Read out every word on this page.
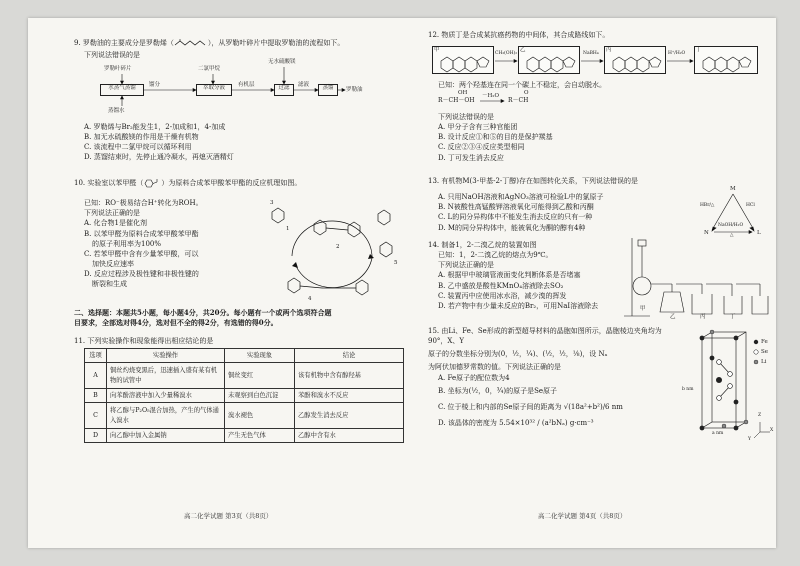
9. 罗勒油的主要成分是罗勒烯（	），从罗勒叶碎片中提取罗勒油的流程如下。
下列说法错误的是
罗勒叶碎片	二氯甲烷
无水硫酸镁
水蒸气蒸馏	馏分	萃取分液	有机层	过滤	滤液	蒸馏	罗勒油
蒸馏水
A. 罗勒烯与Br₂能发生1，2-加成和1，4-加成
B. 加无水硫酸镁的作用是干燥有机物
C. 该流程中二氯甲烷可以循环利用
D. 蒸馏结束时，先停止通冷凝水，再熄灭酒精灯
10. 实验室以苯甲醛（	）为原料合成苯甲酸苯甲酯的反应机理如图。
已知：RO⁻极易结合H⁺转化为ROH。
下列说法正确的是
A. 化合物1是催化剂
B. 以苯甲醛为原料合成苯甲酸苯甲酯
的原子利用率为100%
C. 若苯甲醛中含有少量苯甲酸，可以
加快反应速率
D. 反应过程涉及极性键和非极性键的
断裂和生成
1
2
3
4
5
二、选择题：本题共5小题，每小题4分，共20分。每小题有一个或两个选项符合题
目要求，全部选对得4分，选对但不全的得2分，有选错的得0分。
11. 下列实验操作和现象能得出相应结论的是
选项	实验操作	实验现象	结论
A	铜丝灼烧变黑后，迅速插入盛有某有机物的试管中	铜丝变红	该有机物中含有醇羟基
B	向苯酚溶液中加入少量稀溴水	未观察到白色沉淀	苯酚和溴水不反应
C	将乙醇与P₂O₅混合加热，产生的气体通入溴水	溴水褪色	乙醇发生消去反应
D	向乙醇中加入金属钠	产生无色气体	乙醇中含有水
高二化学试题 第3页（共8页）
12. 物质丁是合成某抗癌药物的中间体，其合成路线如下。
甲	乙	丙	丁
CH₂(OH)₂	NaBH₄	H⁺/H₂O
已知：两个羟基连在同一个碳上不稳定，会自动脱水。
OH
R－CH－OH
－H₂O	O
R－CH
下列说法错误的是
A. 甲分子含有三种官能团
B. 设计反应①和⑤的目的是保护羰基
C. 反应②③④反应类型相同
D. 丁可发生消去反应
13. 有机物M(3-甲基-2-丁醇)存在如图转化关系，下列说法错误的是
A. 只用NaOH溶液和AgNO₃溶液可检验L中的氯原子
B. N被酸性高锰酸钾溶液氧化可能得到乙酸和丙酮
C. L的同分异构体中不能发生消去反应的只有一种
D. M的同分异构体中，能被氧化为酮的醇有4种
M
N	L
HBr/△	HCl
NaOH/H₂O
△
14. 制备1，2-二溴乙烷的装置如图
已知：1，2-二溴乙烷的熔点为9℃。
下列说法正确的是
A. 根据甲中玻璃管液面变化判断体系是否堵塞
B. 乙中盛放是酸性KMnO₄溶液除去SO₂
C. 装置丙中应使用冰水浴，减少溴的挥发
D. 若产物中有少量未反应的Br₂，可用NaI溶液除去	甲
乙	丙	丁
15. 由Li、Fe、Se形成的新型超导材料的晶胞如图所示，晶胞棱边夹角均为90°，X、Y
原子的分数坐标分别为(0，½，¼)、(½，½，⅛)，设 Nₐ
为阿伏加德罗常数的值。下列说法正确的是
A. Fe原子的配位数为4
B. 坐标为(½，0，¾)的原子是Se原子
C. 位于棱上和内部的Se原子间的距离为 √(18a²+b²)/6 nm
D. 该晶体的密度为 5.54×10³² / (a²bNₐ) g·cm⁻³
Fe
Se
Li
b nm
a nm
Z
Y
X
高二化学试题 第4页（共8页）
